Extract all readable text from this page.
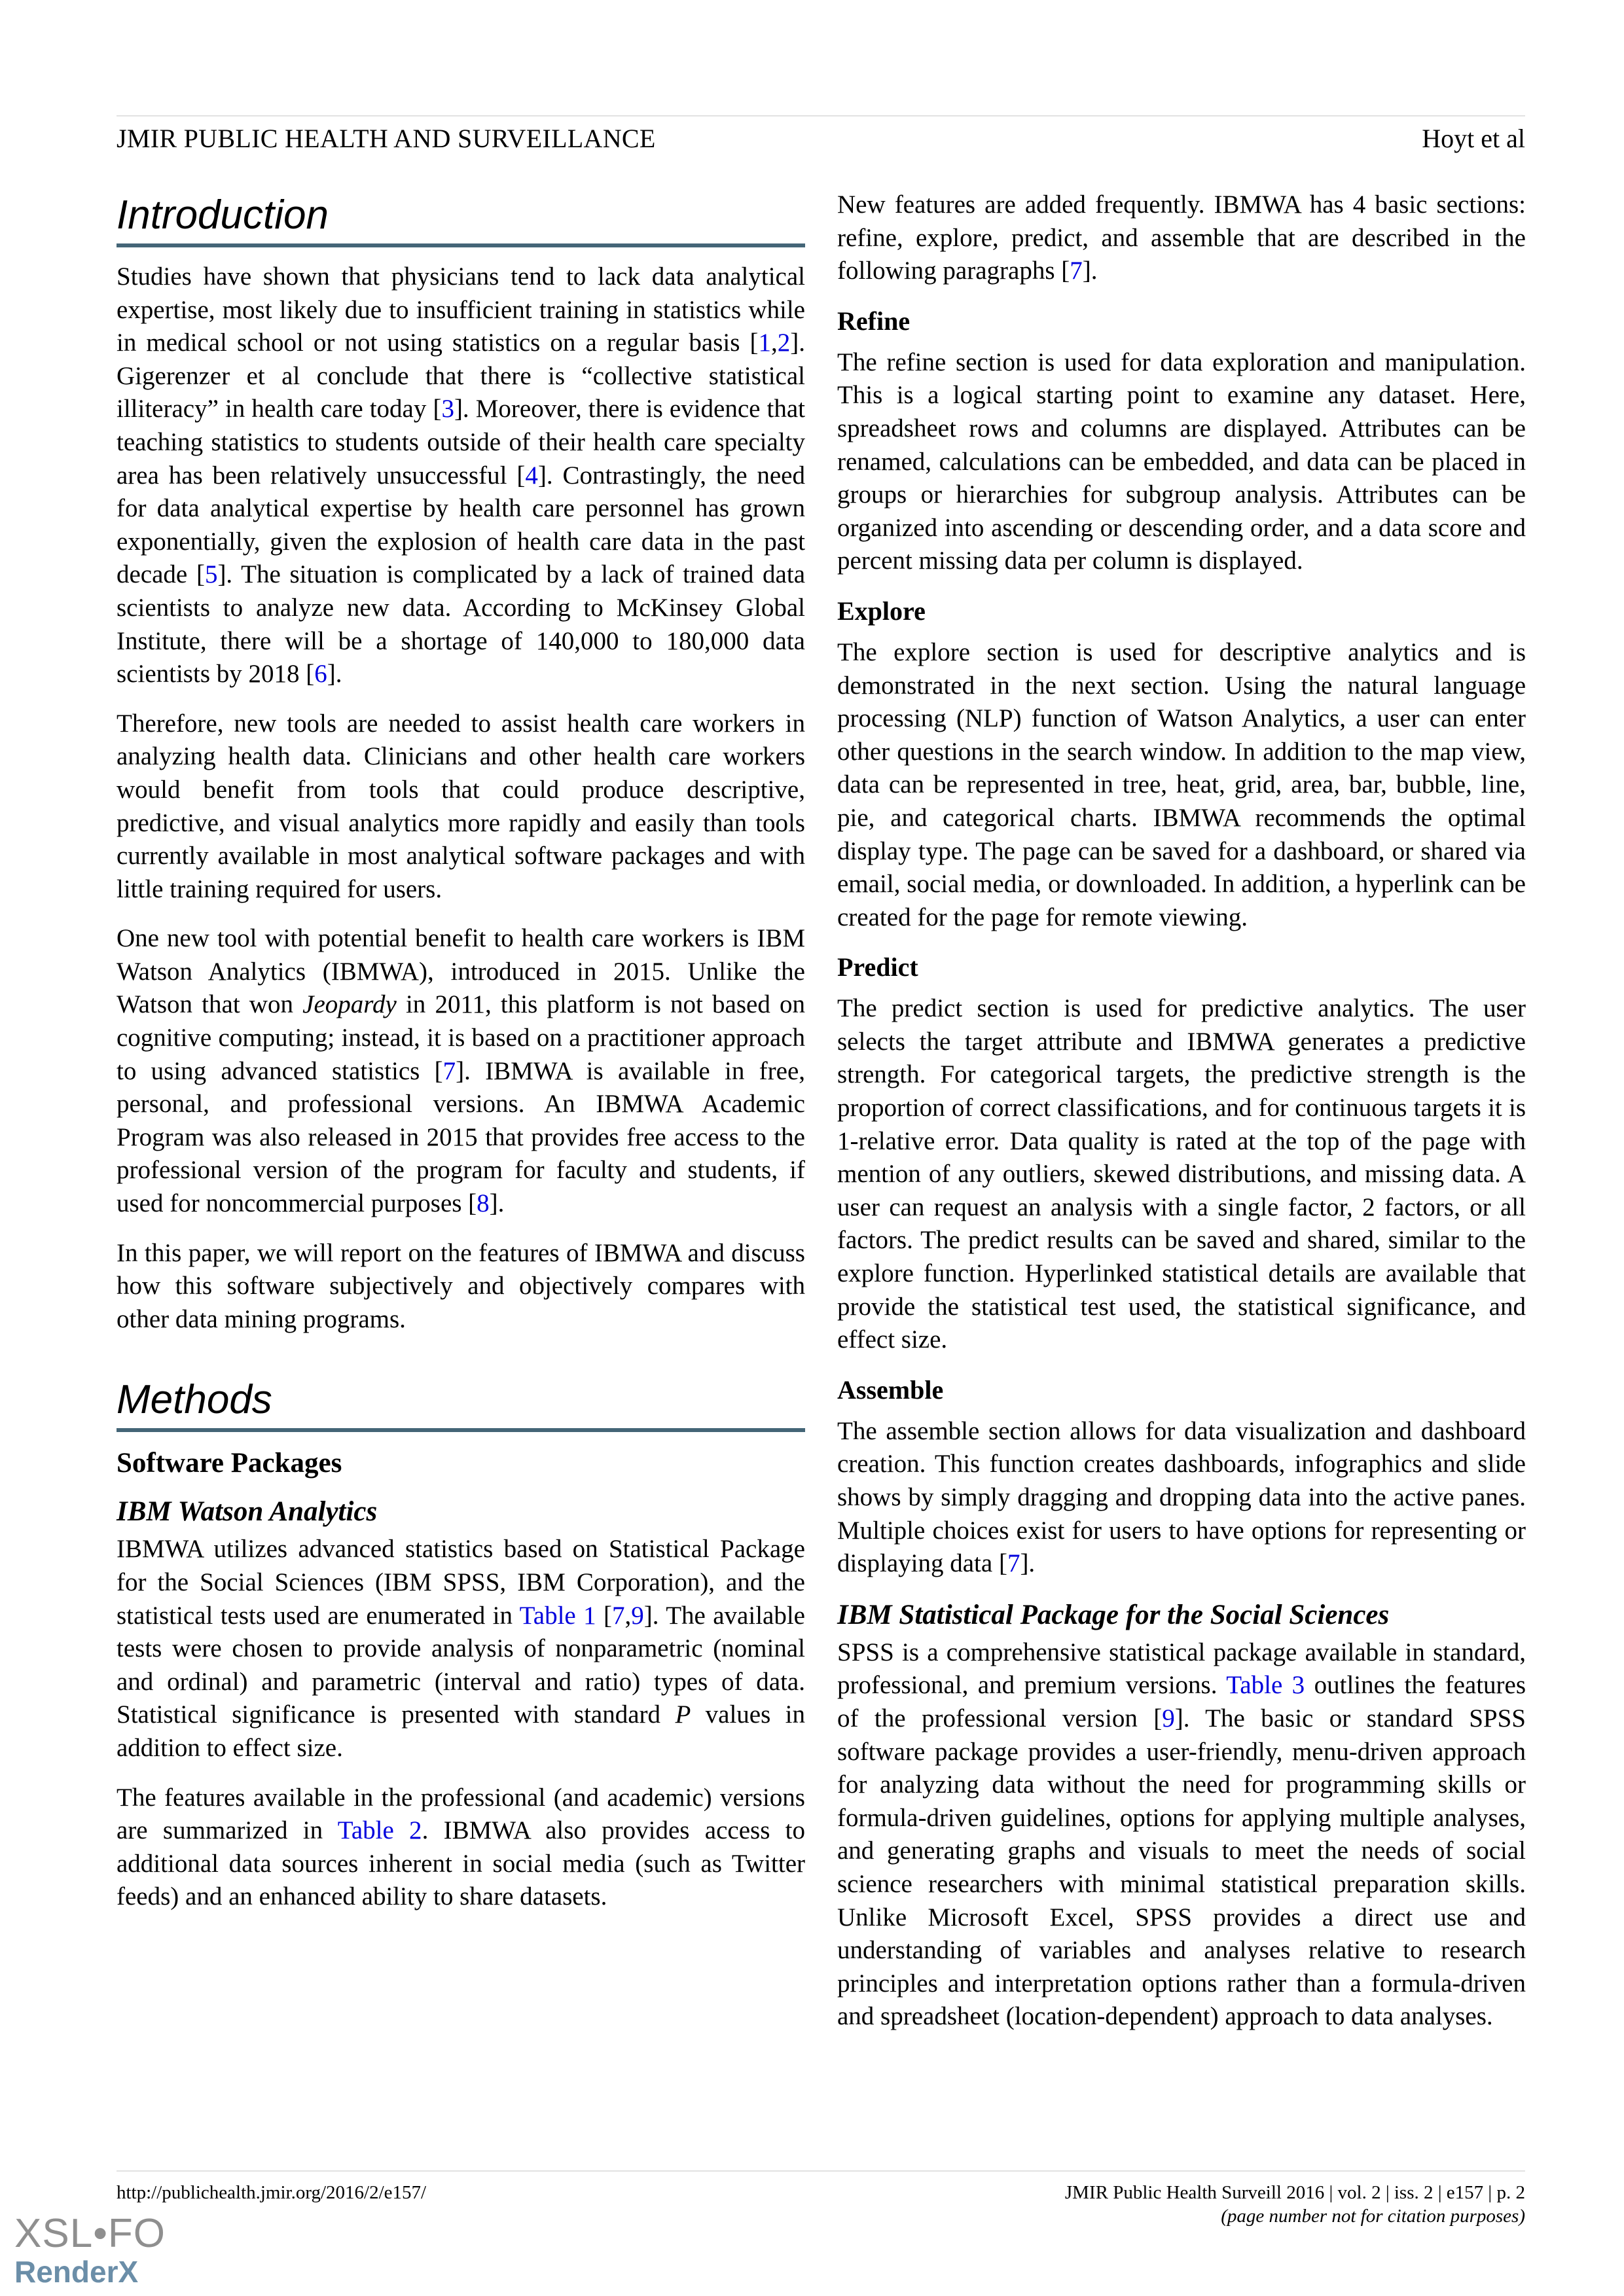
JMIR PUBLIC HEALTH AND SURVEILLANCE	Hoyt et al
Introduction

Studies have shown that physicians tend to lack data analytical expertise, most likely due to insufficient training in statistics while in medical school or not using statistics on a regular basis [1,2]. Gigerenzer et al conclude that there is “collective statistical illiteracy” in health care today [3]. Moreover, there is evidence that teaching statistics to students outside of their health care specialty area has been relatively unsuccessful [4]. Contrastingly, the need for data analytical expertise by health care personnel has grown exponentially, given the explosion of health care data in the past decade [5]. The situation is complicated by a lack of trained data scientists to analyze new data. According to McKinsey Global Institute, there will be a shortage of 140,000 to 180,000 data scientists by 2018 [6].

Therefore, new tools are needed to assist health care workers in analyzing health data. Clinicians and other health care workers would benefit from tools that could produce descriptive, predictive, and visual analytics more rapidly and easily than tools currently available in most analytical software packages and with little training required for users.

One new tool with potential benefit to health care workers is IBM Watson Analytics (IBMWA), introduced in 2015. Unlike the Watson that won Jeopardy in 2011, this platform is not based on cognitive computing; instead, it is based on a practitioner approach to using advanced statistics [7]. IBMWA is available in free, personal, and professional versions. An IBMWA Academic Program was also released in 2015 that provides free access to the professional version of the program for faculty and students, if used for noncommercial purposes [8].

In this paper, we will report on the features of IBMWA and discuss how this software subjectively and objectively compares with other data mining programs.

Methods
Software Packages
IBM Watson Analytics

IBMWA utilizes advanced statistics based on Statistical Package for the Social Sciences (IBM SPSS, IBM Corporation), and the statistical tests used are enumerated in Table 1 [7,9]. The available tests were chosen to provide analysis of nonparametric (nominal and ordinal) and parametric (interval and ratio) types of data. Statistical significance is presented with standard P values in addition to effect size.

The features available in the professional (and academic) versions are summarized in Table 2. IBMWA also provides access to additional data sources inherent in social media (such as Twitter feeds) and an enhanced ability to share datasets.

New features are added frequently. IBMWA has 4 basic sections: refine, explore, predict, and assemble that are described in the following paragraphs [7].

Refine

The refine section is used for data exploration and manipulation. This is a logical starting point to examine any dataset. Here, spreadsheet rows and columns are displayed. Attributes can be renamed, calculations can be embedded, and data can be placed in groups or hierarchies for subgroup analysis. Attributes can be organized into ascending or descending order, and a data score and percent missing data per column is displayed.

Explore

The explore section is used for descriptive analytics and is demonstrated in the next section. Using the natural language processing (NLP) function of Watson Analytics, a user can enter other questions in the search window. In addition to the map view, data can be represented in tree, heat, grid, area, bar, bubble, line, pie, and categorical charts. IBMWA recommends the optimal display type. The page can be saved for a dashboard, or shared via email, social media, or downloaded. In addition, a hyperlink can be created for the page for remote viewing.

Predict

The predict section is used for predictive analytics. The user selects the target attribute and IBMWA generates a predictive strength. For categorical targets, the predictive strength is the proportion of correct classifications, and for continuous targets it is 1-relative error. Data quality is rated at the top of the page with mention of any outliers, skewed distributions, and missing data. A user can request an analysis with a single factor, 2 factors, or all factors. The predict results can be saved and shared, similar to the explore function. Hyperlinked statistical details are available that provide the statistical test used, the statistical significance, and effect size.

Assemble

The assemble section allows for data visualization and dashboard creation. This function creates dashboards, infographics and slide shows by simply dragging and dropping data into the active panes. Multiple choices exist for users to have options for representing or displaying data [7].

IBM Statistical Package for the Social Sciences

SPSS is a comprehensive statistical package available in standard, professional, and premium versions. Table 3 outlines the features of the professional version [9]. The basic or standard SPSS software package provides a user-friendly, menu-driven approach for analyzing data without the need for programming skills or formula-driven guidelines, options for applying multiple analyses, and generating graphs and visuals to meet the needs of social science researchers with minimal statistical preparation skills. Unlike Microsoft Excel, SPSS provides a direct use and understanding of variables and analyses relative to research principles and interpretation options rather than a formula-driven and spreadsheet (location-dependent) approach to data analyses.

http://publichealth.jmir.org/2016/2/e157/	JMIR Public Health Surveill 2016 | vol. 2 | iss. 2 | e157 | p. 2
(page number not for citation purposes)
XSL•FO
RenderX
